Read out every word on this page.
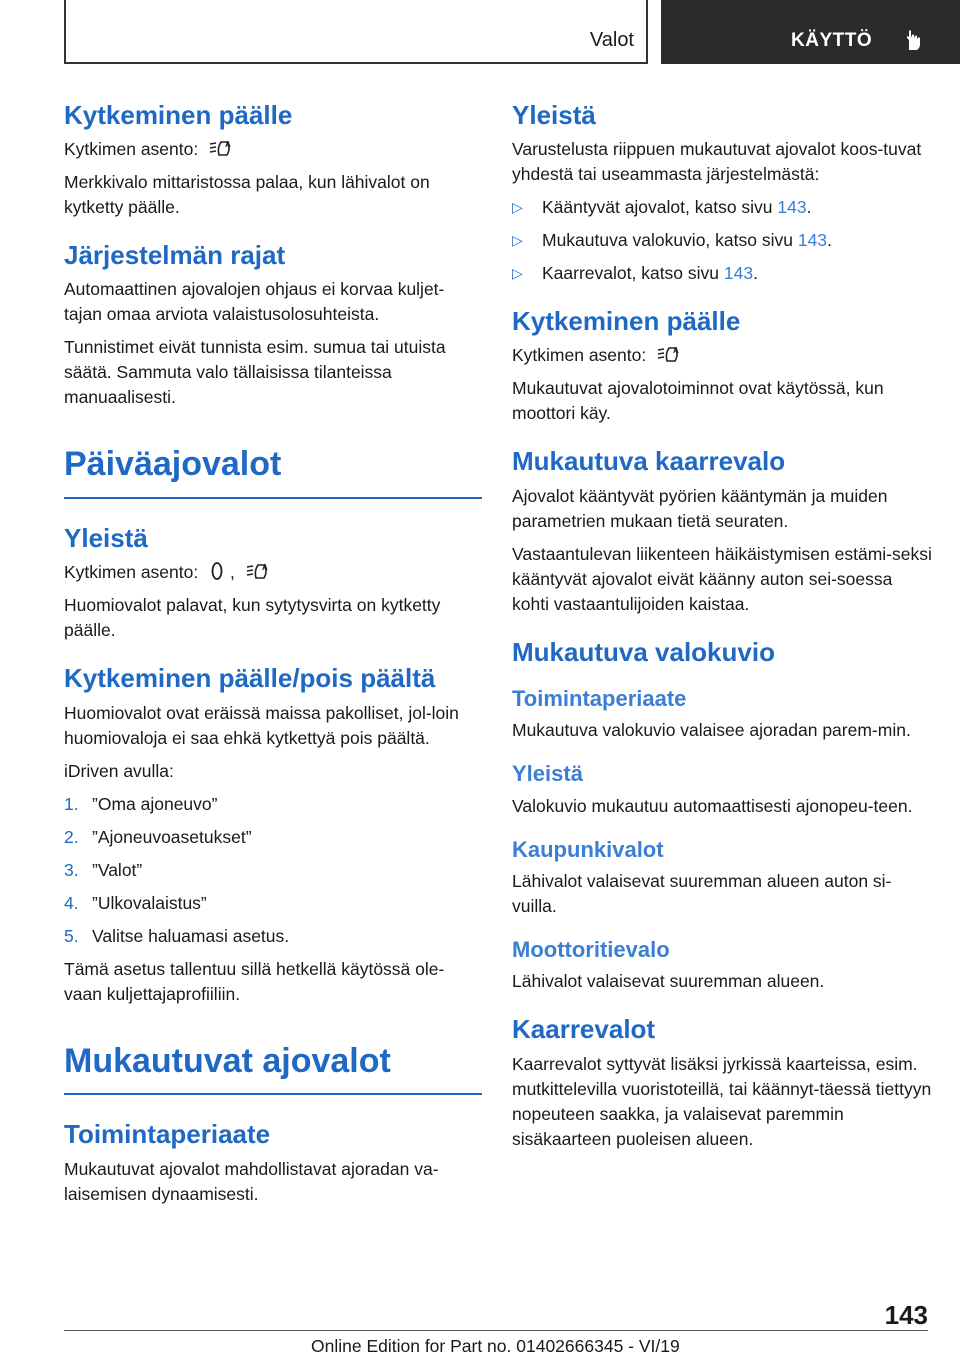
Valot	KÄYTTÖ
Kytkeminen päälle

Kytkimen asento:	A

Merkkivalo mittaristossa palaa, kun lähivalot on kytketty päälle.

Järjestelmän rajat

Automaattinen ajovalojen ohjaus ei korvaa kuljet-tajan omaa arviota valaistusolosuhteista.

Tunnistimet eivät tunnista esim. sumua tai utuista säätä. Sammuta valo tällaisissa tilanteissa manuaalisesti.

Päiväajovalot
Yleistä

Kytkimen asento: ,	A

Huomiovalot palavat, kun sytytysvirta on kytketty päälle.

Kytkeminen päälle/pois päältä

Huomiovalot ovat eräissä maissa pakolliset, jol-loin huomiovaloja ei saa ehkä kytkettyä pois päältä.

iDriven avulla:

1. ”Oma ajoneuvo”
2. ”Ajoneuvoasetukset”
3. ”Valot”
4. ”Ulkovalaistus”
5. Valitse haluamasi asetus.

Tämä asetus tallentuu sillä hetkellä käytössä ole-vaan kuljettajaprofiiliin.

Mukautuvat ajovalot
Toimintaperiaate

Mukautuvat ajovalot mahdollistavat ajoradan va-laisemisen dynaamisesti.

Yleistä

Varustelusta riippuen mukautuvat ajovalot koos-tuvat yhdestä tai useammasta järjestelmästä:

▷ Kääntyvät ajovalot, katso sivu 143.
▷ Mukautuva valokuvio, katso sivu 143.
▷ Kaarrevalot, katso sivu 143.
Kytkeminen päälle

Kytkimen asento:	A

Mukautuvat ajovalotoiminnot ovat käytössä, kun moottori käy.

Mukautuva kaarrevalo

Ajovalot kääntyvät pyörien kääntymän ja muiden parametrien mukaan tietä seuraten.

Vastaantulevan liikenteen häikäistymisen estämi-seksi kääntyvät ajovalot eivät käänny auton sei-soessa kohti vastaantulijoiden kaistaa.

Mukautuva valokuvio
Toimintaperiaate

Mukautuva valokuvio valaisee ajoradan parem-min.

Yleistä

Valokuvio mukautuu automaattisesti ajonopeu-teen.

Kaupunkivalot

Lähivalot valaisevat suuremman alueen auton si-vuilla.

Moottoritievalo

Lähivalot valaisevat suuremman alueen.

Kaarrevalot

Kaarrevalot syttyvät lisäksi jyrkissä kaarteissa, esim. mutkittelevilla vuoristoteillä, tai käännyt-täessä tiettyyn nopeuteen saakka, ja valaisevat paremmin sisäkaarteen puoleisen alueen.

143
Online Edition for Part no. 01402666345 - VI/19
